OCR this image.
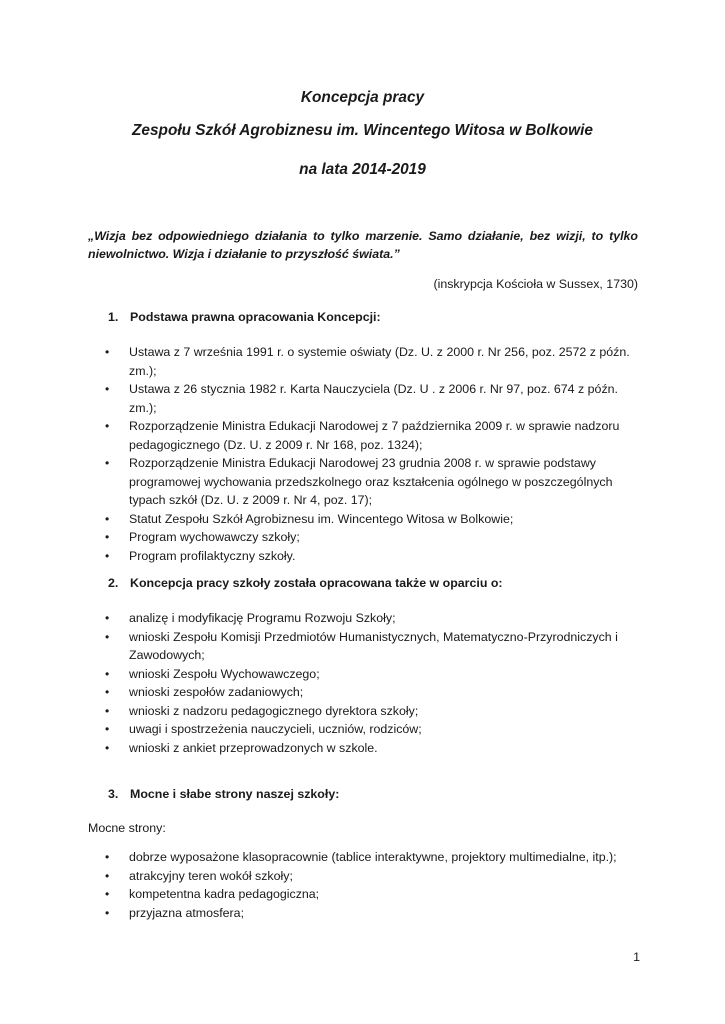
Koncepcja pracy

Zespołu Szkół Agrobiznesu im. Wincentego Witosa w Bolkowie

na lata 2014-2019

„Wizja bez odpowiedniego działania to tylko marzenie. Samo działanie, bez wizji, to tylko niewolnictwo. Wizja i działanie to przyszłość świata.”
(inskrypcja Kościoła w Sussex, 1730)
1. Podstawa prawna opracowania Koncepcji:
• Ustawa z 7 września 1991 r. o systemie oświaty (Dz. U. z 2000 r. Nr 256, poz. 2572 z późn. zm.);
• Ustawa z 26 stycznia 1982 r. Karta Nauczyciela (Dz. U . z 2006 r. Nr 97, poz. 674 z późn. zm.);
• Rozporządzenie Ministra Edukacji Narodowej z 7 października 2009 r. w sprawie nadzoru pedagogicznego (Dz. U. z 2009 r. Nr 168, poz. 1324);
• Rozporządzenie Ministra Edukacji Narodowej 23 grudnia 2008 r. w sprawie podstawy programowej wychowania przedszkolnego oraz kształcenia ogólnego w poszczególnych typach szkół (Dz. U. z 2009 r. Nr 4, poz. 17);
• Statut Zespołu Szkół Agrobiznesu im. Wincentego Witosa w Bolkowie;
• Program wychowawczy szkoły;
• Program profilaktyczny szkoły.
2. Koncepcja pracy szkoły została opracowana także w oparciu o:
• analizę i modyfikację Programu Rozwoju Szkoły;
• wnioski Zespołu Komisji Przedmiotów Humanistycznych, Matematyczno-Przyrodniczych i Zawodowych;
• wnioski Zespołu Wychowawczego;
• wnioski zespołów zadaniowych;
• wnioski z nadzoru pedagogicznego dyrektora szkoły;
• uwagi i spostrzeżenia nauczycieli, uczniów, rodziców;
• wnioski z ankiet przeprowadzonych w szkole.
3. Mocne i słabe strony naszej szkoły:
Mocne strony:
• dobrze wyposażone klasopracownie (tablice interaktywne, projektory multimedialne, itp.);
• atrakcyjny teren wokół szkoły;
• kompetentna kadra pedagogiczna;
• przyjazna atmosfera;
1
